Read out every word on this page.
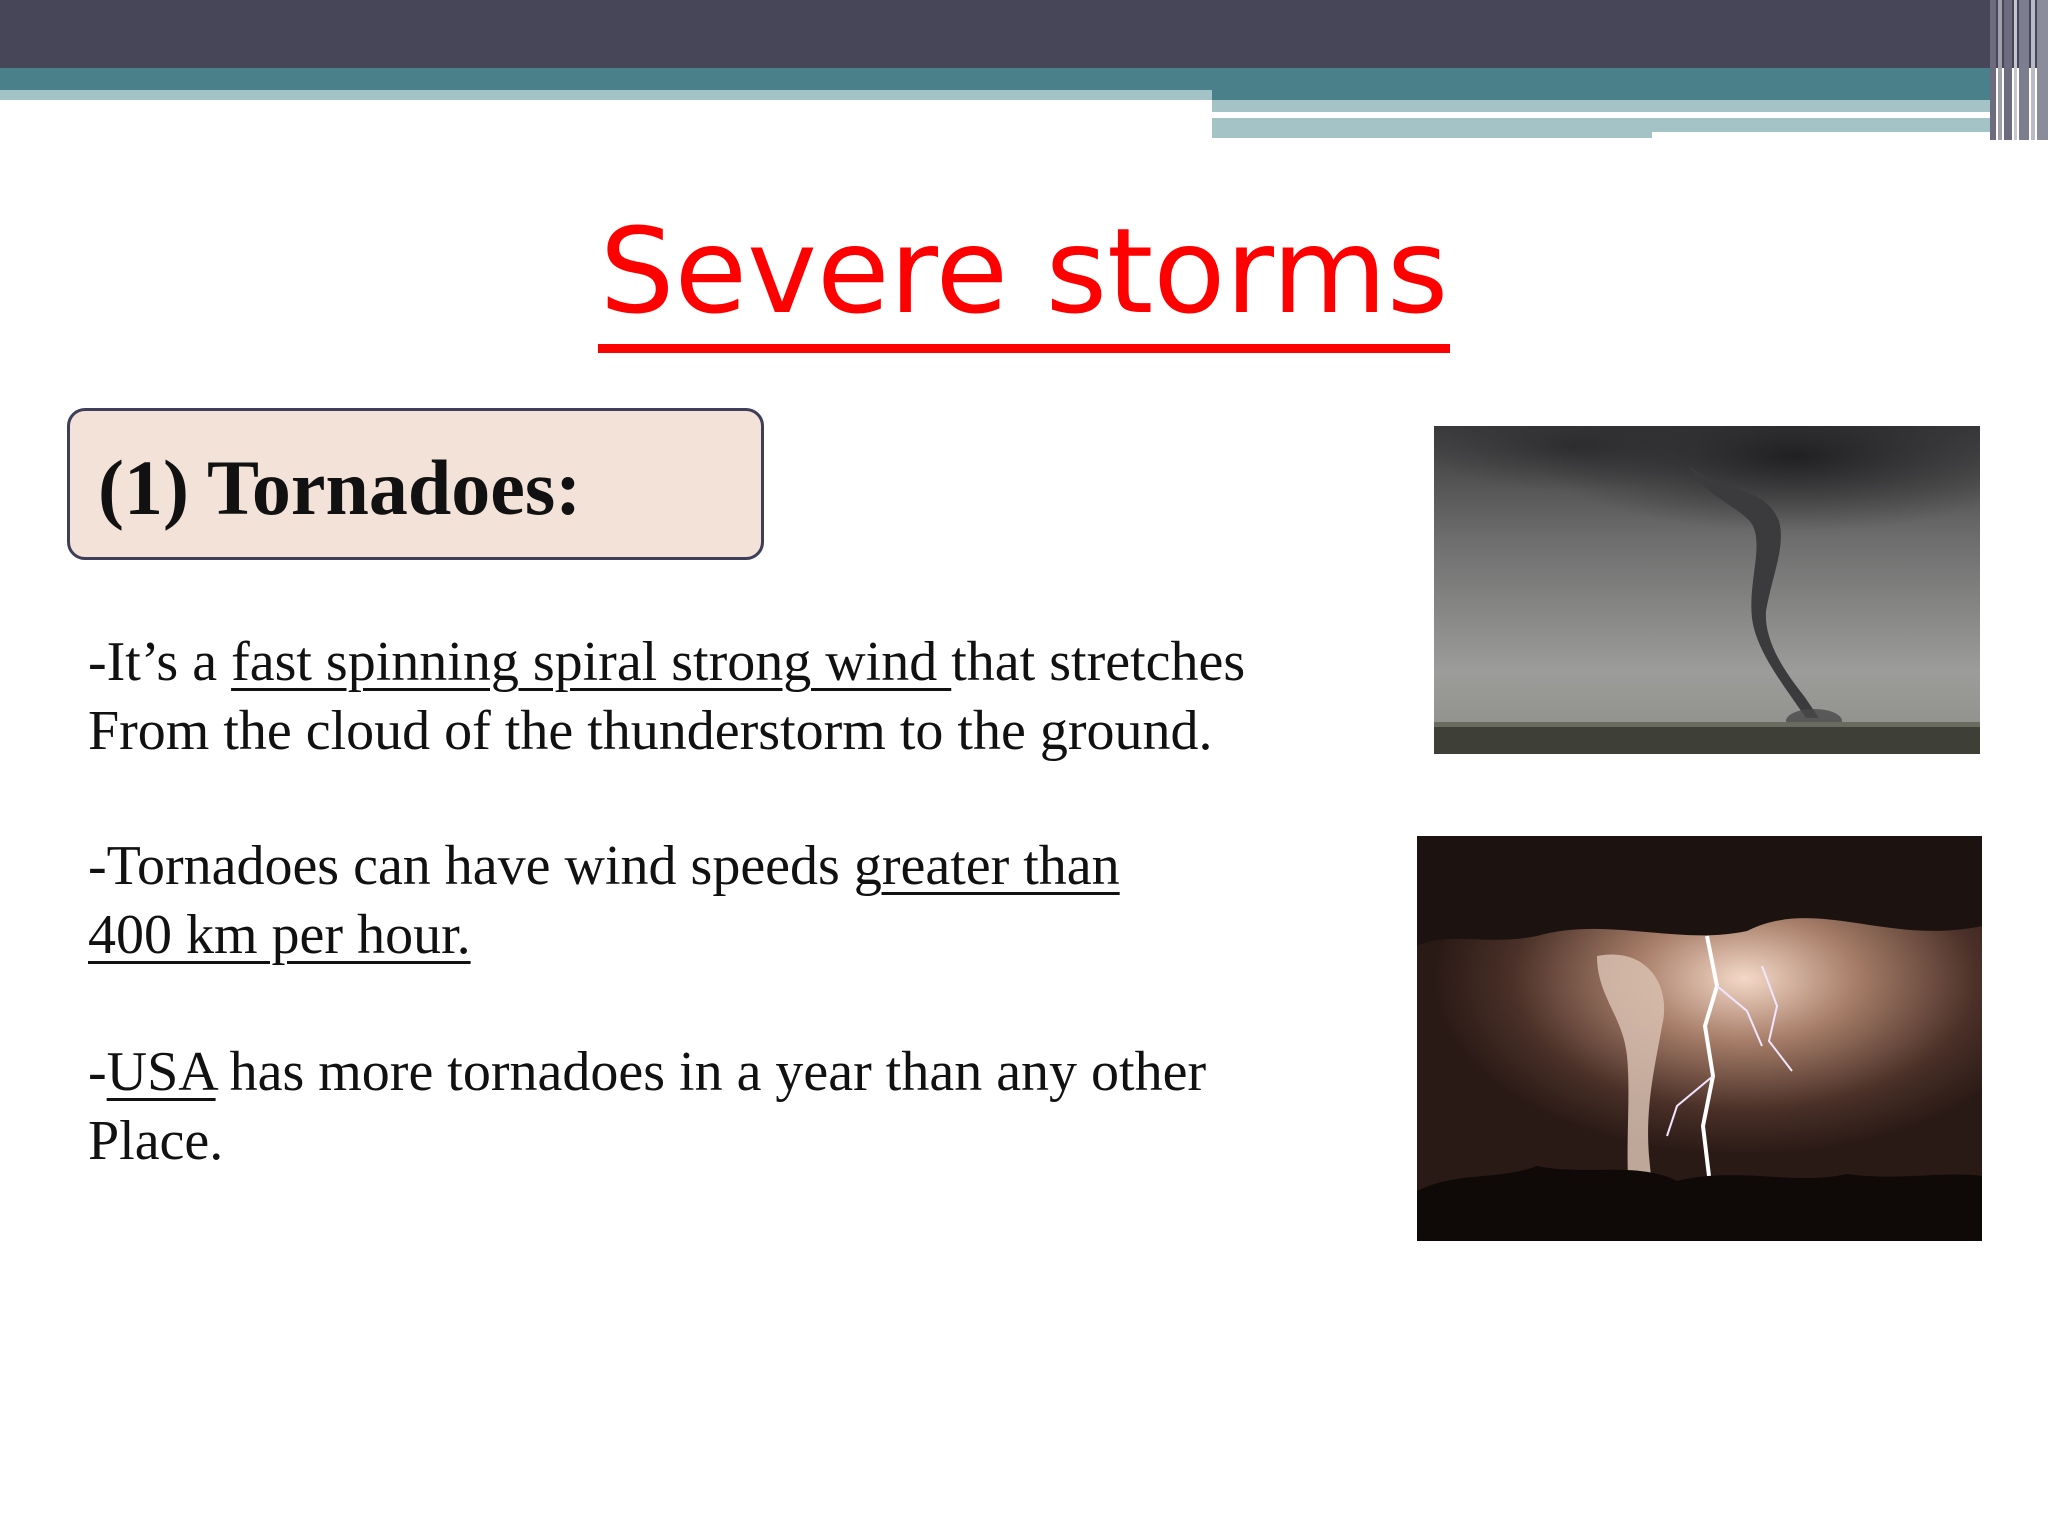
Severe storms
(1) Tornadoes:
-It’s a fast spinning spiral strong wind that stretches
From the cloud of the thunderstorm to the ground.
-Tornadoes can have wind speeds greater than
400 km per hour.
-USA has more tornadoes in a year than any other
Place.
